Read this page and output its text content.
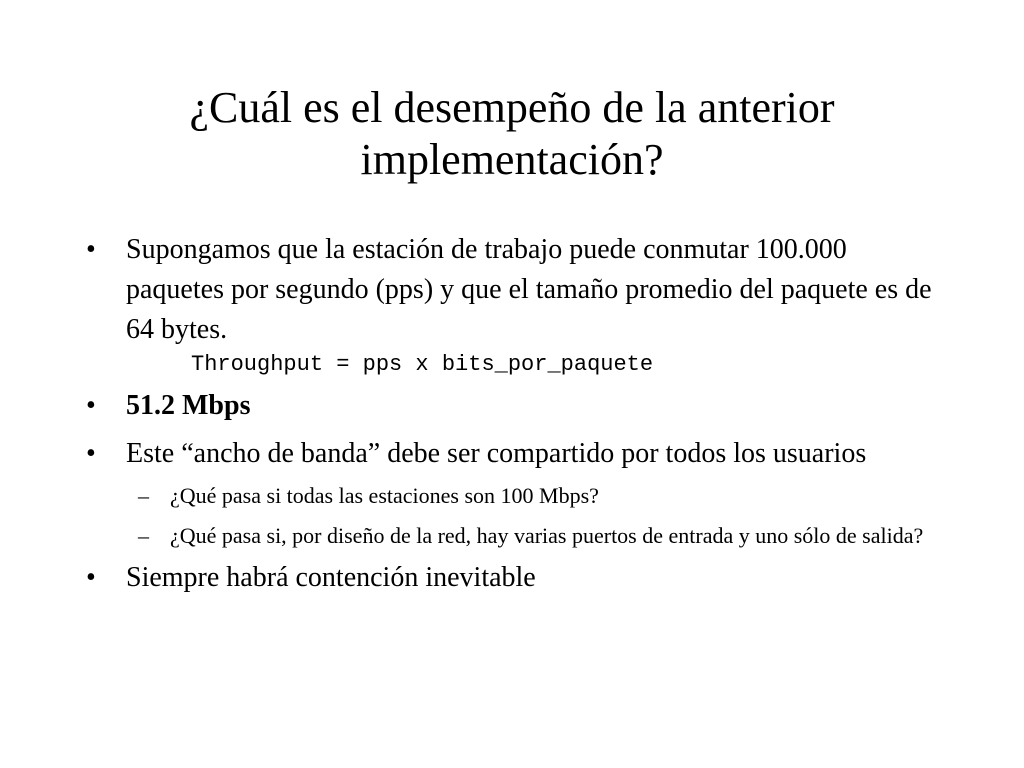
¿Cuál es el desempeño de la anterior
implementación?

•	Supongamos que la estación de trabajo puede conmutar 100.000 paquetes por segundo (pps) y que el tamaño promedio del paquete es de 64 bytes.

Throughput = pps x bits_por_paquete

•	51.2 Mbps

•	Este “ancho de banda” debe ser compartido por todos los usuarios

– ¿Qué pasa si todas las estaciones son 100 Mbps?

– ¿Qué pasa si, por diseño de la red, hay varias puertos de entrada y uno sólo de salida?

•	Siempre habrá contención inevitable
